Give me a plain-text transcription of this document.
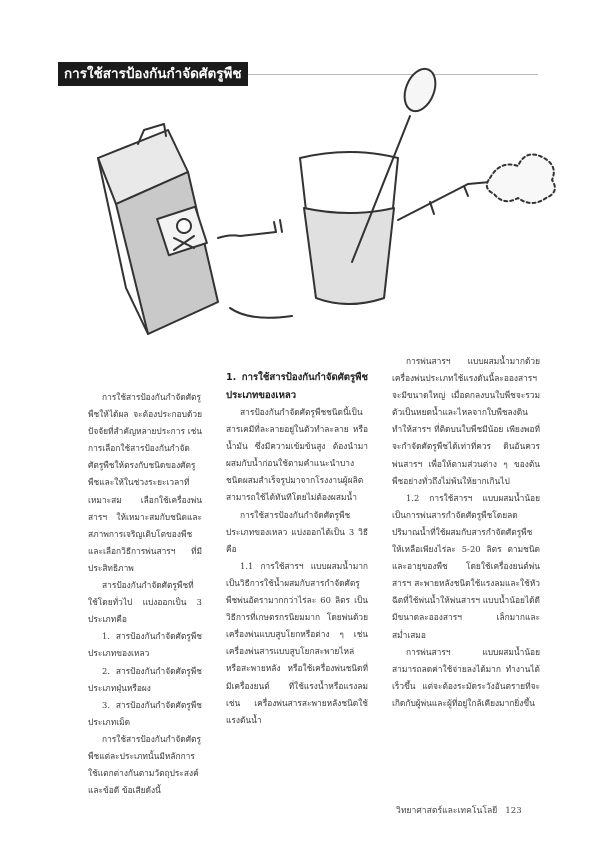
การใช้สารป้องกันกำจัดศัตรูพืช

การใช้สารป้องกันกำจัดศัตรูพืชให้ได้ผล จะต้องประกอบด้วยปัจจัยที่สำคัญหลายประการ เช่น การเลือกใช้สารป้องกันกำจัดศัตรูพืชให้ตรงกับชนิดของศัตรูพืชและให้ในช่วงระยะเวลาที่เหมาะสม เลือกใช้เครื่องพ่นสารฯ ให้เหมาะสมกับชนิดและสภาพการเจริญเติบโตของพืช และเลือกวิธีการพ่นสารฯ ที่มีประสิทธิภาพ

สารป้องกันกำจัดศัตรูพืชที่ใช้โดยทั่วไป แบ่งออกเป็น 3 ประเภทคือ

1. สารป้องกันกำจัดศัตรูพืชประเภทของเหลว

2. สารป้องกันกำจัดศัตรูพืชประเภทฝุ่นหรือผง

3. สารป้องกันกำจัดศัตรูพืชประเภทเม็ด

การใช้สารป้องกันกำจัดศัตรูพืชแต่ละประเภทนั้นมีหลักการใช้แตกต่างกันตามวัตถุประสงค์ และข้อดี ข้อเสียดังนี้

1. การใช้สารป้องกันกำจัดศัตรูพืชประเภทของเหลว

สารป้องกันกำจัดศัตรูพืชชนิดนี้เป็นสารเคมีที่ละลายอยู่ในตัวทำละลาย หรือน้ำมัน ซึ่งมีความเข้มข้นสูง ต้องนำมาผสมกับน้ำก่อนใช้ตามคำแนะนำบางชนิดผสมสำเร็จรูปมาจากโรงงานผู้ผลิต สามารถใช้ได้ทันทีโดยไม่ต้องผสมน้ำ

การใช้สารป้องกันกำจัดศัตรูพืชประเภทของเหลว แบ่งออกได้เป็น 3 วิธีคือ

1.1 การใช้สารฯ แบบผสมน้ำมาก เป็นวิธีการใช้น้ำผสมกับสารกำจัดศัตรูพืชพ่นอัตรามากกว่าไร่ละ 60 ลิตร เป็นวิธีการที่เกษตรกรนิยมมาก โดยพ่นด้วยเครื่องพ่นแบบสูบโยกหรือต่าง ๆ เช่น เครื่องพ่นสารแบบสูบโยกสะพายไหล่ หรือสะพายหลัง หรือใช้เครื่องพ่นชนิดที่มีเครื่องยนต์ ที่ใช้แรงน้ำหรือแรงลม เช่น เครื่องพ่นสารสะพายหลังชนิดใช้แรงดันน้ำ

การพ่นสารฯ แบบผสมน้ำมากด้วยเครื่องพ่นประเภทใช้แรงดันนี้ละอองสารฯ จะมีขนาดใหญ่ เมื่อตกลงบนใบพืชจะรวมตัวเป็นหยดน้ำและไหลจากใบพืชลงดิน ทำให้สารฯ ที่ติดบนใบพืชมีน้อย เพียงพอที่จะกำจัดศัตรูพืชได้เท่าที่ควร ดินอันควรพ่นสารฯ เพื่อให้ตามส่วนต่าง ๆ ของต้นพืชอย่างทั่วถึงไม่พ้นให้ยากเกินไป

1.2 การใช้สารฯ แบบผสมน้ำน้อย เป็นการพ่นสารกำจัดศัตรูพืชโดยลดปริมาณน้ำที่ใช้ผสมกับสารกำจัดศัตรูพืชให้เหลือเพียงไร่ละ 5-20 ลิตร ตามชนิดและอายุของพืช โดยใช้เครื่องยนต์พ่นสารฯ สะพายหลังชนิดใช้แรงลมและใช้หัวฉีดที่ใช้พ่นน้ำให้พ่นสารฯ แบบน้ำน้อยได้ดีมีขนาดละอองสารฯ เล็กมากและสม่ำเสมอ

การพ่นสารฯ แบบผสมน้ำน้อยสามารถลดค่าใช้จ่ายลงได้มาก ทำงานได้เร็วขึ้น แต่จะต้องระมัดระวังอันตรายที่จะเกิดกับผู้พ่นและผู้ที่อยู่ใกล้เคียงมากยิ่งขึ้น

วิทยาศาสตร์และเทคโนโลยี 123
